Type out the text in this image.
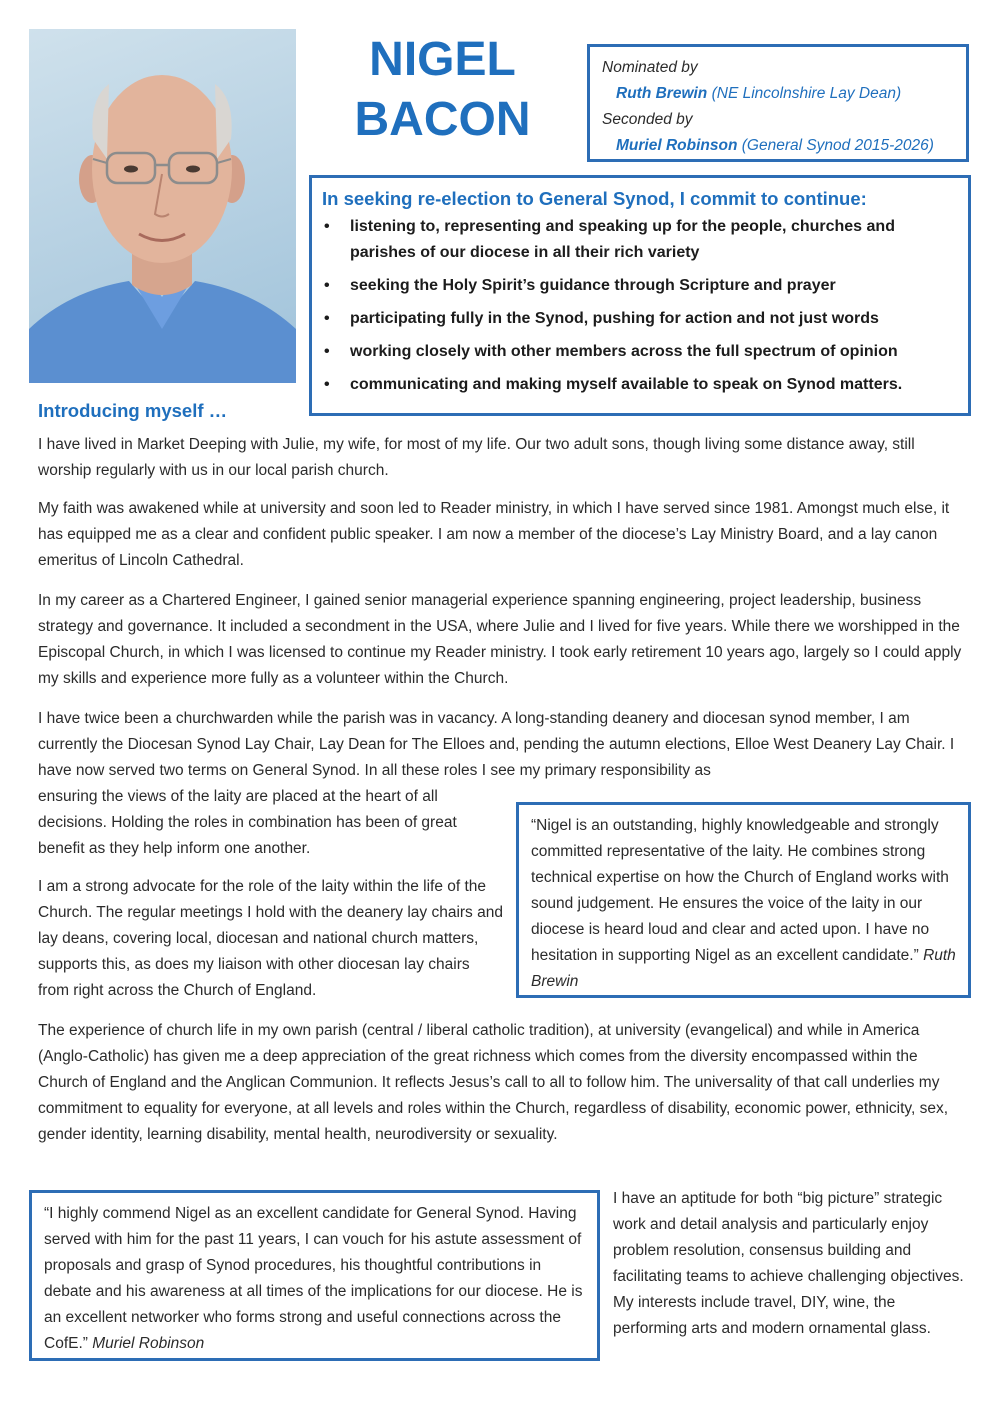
NIGEL
BACON
Nominated by
Ruth Brewin (NE Lincolnshire Lay Dean)
Seconded by
Muriel Robinson (General Synod 2015-2026)
In seeking re-election to General Synod, I commit to continue:
• listening to, representing and speaking up for the people, churches and parishes of our diocese in all their rich variety
• seeking the Holy Spirit’s guidance through Scripture and prayer
• participating fully in the Synod, pushing for action and not just words
• working closely with other members across the full spectrum of opinion
• communicating and making myself available to speak on Synod matters.
Introducing myself …
I have lived in Market Deeping with Julie, my wife, for most of my life. Our two adult sons, though living some distance away, still worship regularly with us in our local parish church.
My faith was awakened while at university and soon led to Reader ministry, in which I have served since 1981. Amongst much else, it has equipped me as a clear and confident public speaker. I am now a member of the diocese’s Lay Ministry Board, and a lay canon emeritus of Lincoln Cathedral.
In my career as a Chartered Engineer, I gained senior managerial experience spanning engineering, project leadership, business strategy and governance. It included a secondment in the USA, where Julie and I lived for five years. While there we worshipped in the Episcopal Church, in which I was licensed to continue my Reader ministry. I took early retirement 10 years ago, largely so I could apply my skills and experience more fully as a volunteer within the Church.
I have twice been a churchwarden while the parish was in vacancy. A long-standing deanery and diocesan synod member, I am currently the Diocesan Synod Lay Chair, Lay Dean for The Elloes and, pending the autumn elections, Elloe West Deanery Lay Chair. I have now served two terms on General Synod. In all these roles I see my primary responsibility as
ensuring the views of the laity are placed at the heart of all decisions. Holding the roles in combination has been of great benefit as they help inform one another.
I am a strong advocate for the role of the laity within the life of the Church. The regular meetings I hold with the deanery lay chairs and lay deans, covering local, diocesan and national church matters, supports this, as does my liaison with other diocesan lay chairs from right across the Church of England.
“Nigel is an outstanding, highly knowledgeable and strongly committed representative of the laity. He combines strong technical expertise on how the Church of England works with sound judgement. He ensures the voice of the laity in our diocese is heard loud and clear and acted upon. I have no hesitation in supporting Nigel as an excellent candidate.” Ruth Brewin
The experience of church life in my own parish (central / liberal catholic tradition), at university (evangelical) and while in America (Anglo-Catholic) has given me a deep appreciation of the great richness which comes from the diversity encompassed within the Church of England and the Anglican Communion. It reflects Jesus’s call to all to follow him. The universality of that call underlies my commitment to equality for everyone, at all levels and roles within the Church, regardless of disability, economic power, ethnicity, sex, gender identity, learning disability, mental health, neurodiversity or sexuality.
“I highly commend Nigel as an excellent candidate for General Synod. Having served with him for the past 11 years, I can vouch for his astute assessment of proposals and grasp of Synod procedures, his thoughtful contributions in debate and his awareness at all times of the implications for our diocese. He is an excellent networker who forms strong and useful connections across the CofE.” Muriel Robinson
I have an aptitude for both “big picture” strategic work and detail analysis and particularly enjoy problem resolution, consensus building and facilitating teams to achieve challenging objectives. My interests include travel, DIY, wine, the performing arts and modern ornamental glass.
